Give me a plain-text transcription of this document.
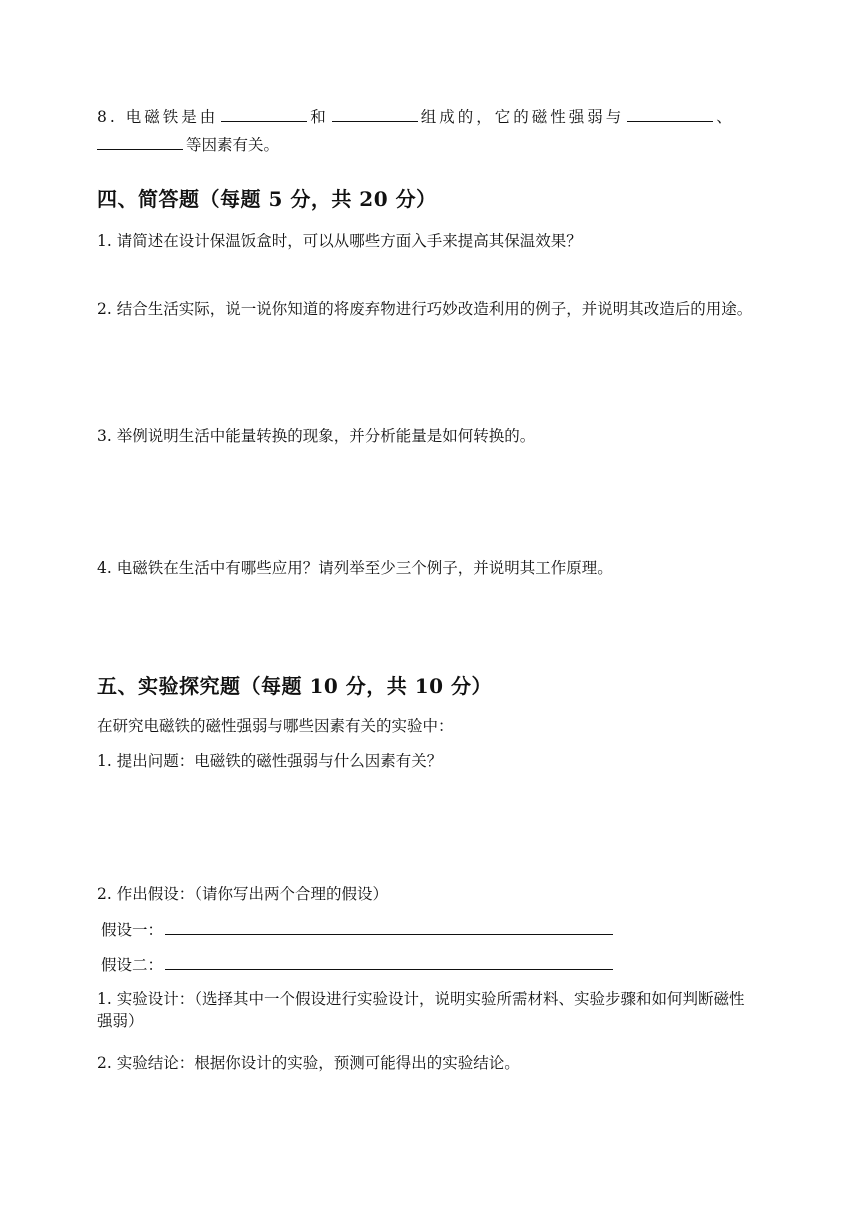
8. 电磁铁是由	和	组成的，它的磁性强弱与	、

等因素有关。

四、简答题（每题 5 分，共 20 分）

1. 请简述在设计保温饭盒时，可以从哪些方面入手来提高其保温效果？

2. 结合生活实际，说一说你知道的将废弃物进行巧妙改造利用的例子，并说明其改造后的用途。

3. 举例说明生活中能量转换的现象，并分析能量是如何转换的。

4. 电磁铁在生活中有哪些应用？请列举至少三个例子，并说明其工作原理。

五、实验探究题（每题 10 分，共 10 分）

在研究电磁铁的磁性强弱与哪些因素有关的实验中：

1. 提出问题：电磁铁的磁性强弱与什么因素有关？

2. 作出假设：（请你写出两个合理的假设）

假设一：

假设二：

1. 实验设计：（选择其中一个假设进行实验设计，说明实验所需材料、实验步骤和如何判断磁性强弱）

2. 实验结论：根据你设计的实验，预测可能得出的实验结论。
